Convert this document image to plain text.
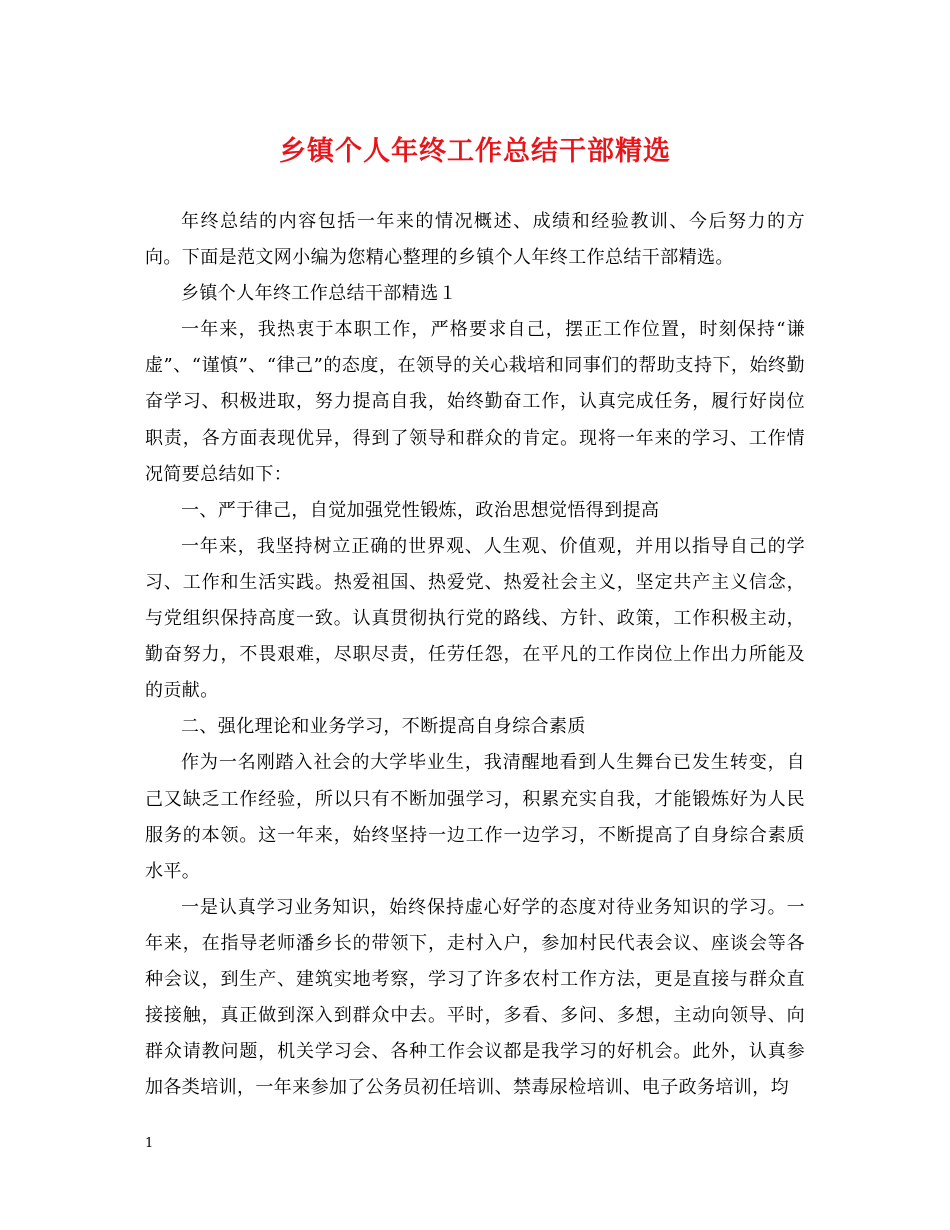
乡镇个人年终工作总结干部精选

年终总结的内容包括一年来的情况概述、成绩和经验教训、今后努力的方向。下面是范文网小编为您精心整理的乡镇个人年终工作总结干部精选。

乡镇个人年终工作总结干部精选１

一年来，我热衷于本职工作，严格要求自己，摆正工作位置，时刻保持“谦虚”、“谨慎”、“律己”的态度，在领导的关心栽培和同事们的帮助支持下，始终勤奋学习、积极进取，努力提高自我，始终勤奋工作，认真完成任务，履行好岗位职责，各方面表现优异，得到了领导和群众的肯定。现将一年来的学习、工作情况简要总结如下：

一、严于律己，自觉加强党性锻炼，政治思想觉悟得到提高

一年来，我坚持树立正确的世界观、人生观、价值观，并用以指导自己的学习、工作和生活实践。热爱祖国、热爱党、热爱社会主义，坚定共产主义信念，与党组织保持高度一致。认真贯彻执行党的路线、方针、政策，工作积极主动，勤奋努力，不畏艰难，尽职尽责，任劳任怨，在平凡的工作岗位上作出力所能及的贡献。

二、强化理论和业务学习，不断提高自身综合素质

作为一名刚踏入社会的大学毕业生，我清醒地看到人生舞台已发生转变，自己又缺乏工作经验，所以只有不断加强学习，积累充实自我，才能锻炼好为人民服务的本领。这一年来，始终坚持一边工作一边学习，不断提高了自身综合素质水平。

一是认真学习业务知识，始终保持虚心好学的态度对待业务知识的学习。一年来，在指导老师潘乡长的带领下，走村入户，参加村民代表会议、座谈会等各种会议，到生产、建筑实地考察，学习了许多农村工作方法，更是直接与群众直接接触，真正做到深入到群众中去。平时，多看、多问、多想，主动向领导、向群众请教问题，机关学习会、各种工作会议都是我学习的好机会。此外，认真参加各类培训，一年来参加了公务员初任培训、禁毒尿检培训、电子政务培训，均

1
